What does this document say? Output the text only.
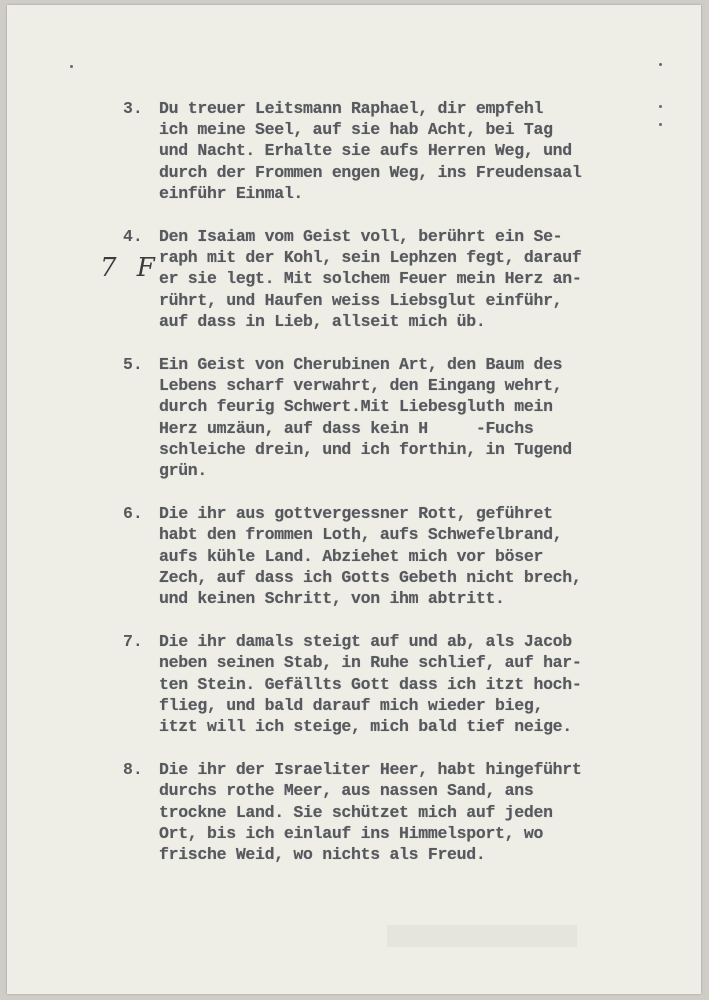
7 F
3. Du treuer Leitsmann Raphael, dir empfehl
ich meine Seel, auf sie hab Acht, bei Tag
und Nacht. Erhalte sie aufs Herren Weg, und
durch der Frommen engen Weg, ins Freudensaal
einführ Einmal.
4. Den Isaiam vom Geist voll, berührt ein Se-
raph mit der Kohl, sein Lephzen fegt, darauf
er sie legt. Mit solchem Feuer mein Herz an-
rührt, und Haufen weiss Liebsglut einführ,
auf dass in Lieb, allseit mich üb.
5. Ein Geist von Cherubinen Art, den Baum des
Lebens scharf verwahrt, den Eingang wehrt,
durch feurig Schwert.Mit Liebesgluth mein
Herz umzäun, auf dass kein H     -Fuchs
schleiche drein, und ich forthin, in Tugend
grün.
6. Die ihr aus gottvergessner Rott, geführet
habt den frommen Loth, aufs Schwefelbrand,
aufs kühle Land. Abziehet mich vor böser
Zech, auf dass ich Gotts Gebeth nicht brech,
und keinen Schritt, von ihm abtritt.
7. Die ihr damals steigt auf und ab, als Jacob
neben seinen Stab, in Ruhe schlief, auf har-
ten Stein. Gefällts Gott dass ich itzt hoch-
flieg, und bald darauf mich wieder bieg,
itzt will ich steige, mich bald tief neige.
8. Die ihr der Israeliter Heer, habt hingeführt
durchs rothe Meer, aus nassen Sand, ans
trockne Land. Sie schützet mich auf jeden
Ort, bis ich einlauf ins Himmelsport, wo
frische Weid, wo nichts als Freud.
